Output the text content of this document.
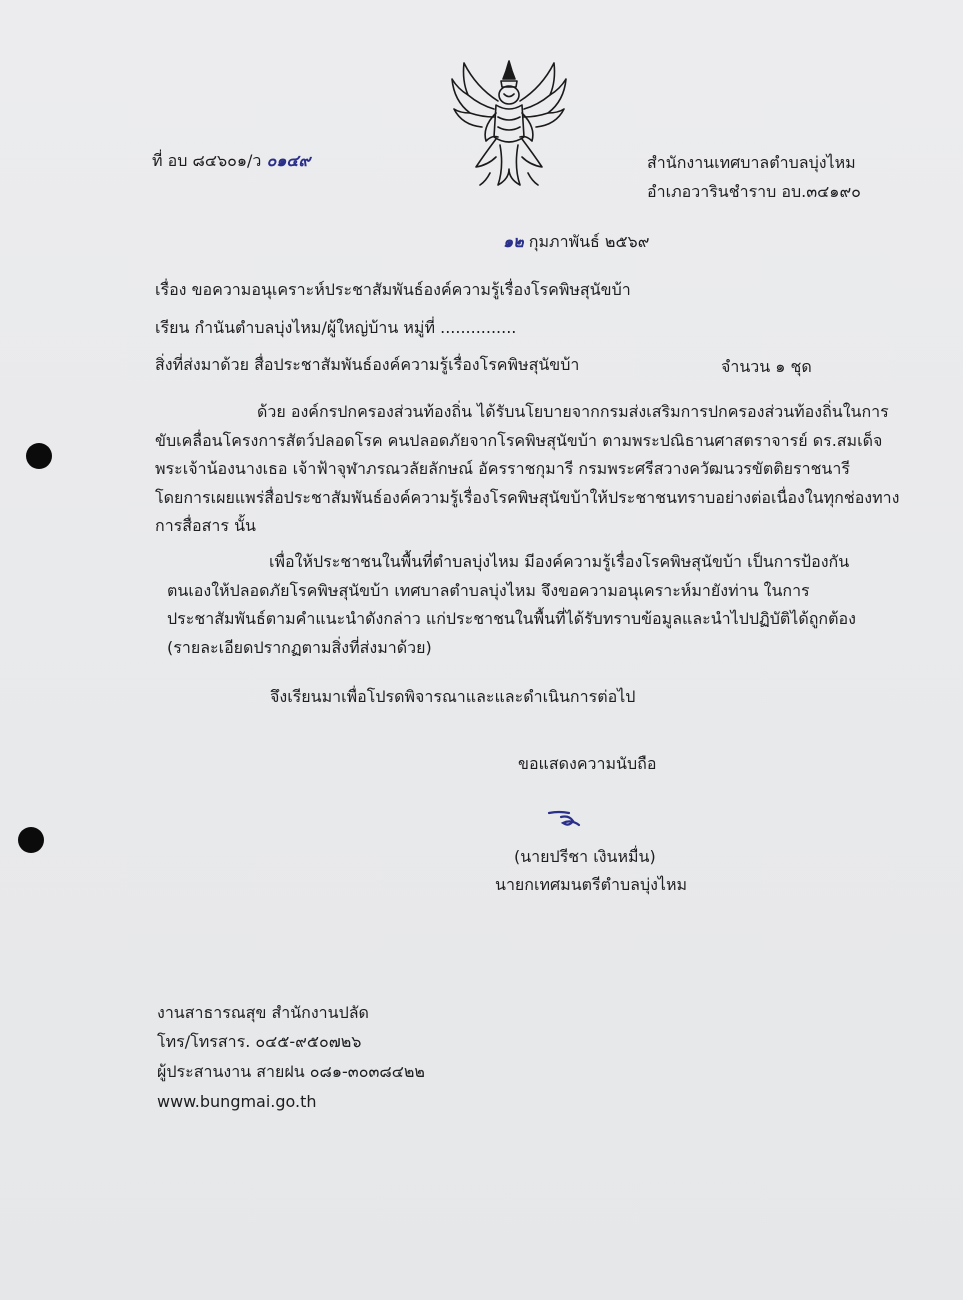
ที่ อบ ๘๔๖๐๑/ว ๐๑๔๙	สำนักงานเทศบาลตำบลบุ่งไหม
อำเภอวารินชำราบ อบ.๓๔๑๙๐
๑๒ กุมภาพันธ์ ๒๕๖๙
เรื่อง ขอความอนุเคราะห์ประชาสัมพันธ์องค์ความรู้เรื่องโรคพิษสุนัขบ้า
เรียน กำนันตำบลบุ่งไหม/ผู้ใหญ่บ้าน หมู่ที่ ...............
สิ่งที่ส่งมาด้วย สื่อประชาสัมพันธ์องค์ความรู้เรื่องโรคพิษสุนัขบ้า	จำนวน ๑ ชุด
ด้วย องค์กรปกครองส่วนท้องถิ่น ได้รับนโยบายจากกรมส่งเสริมการปกครองส่วนท้องถิ่นในการ
ขับเคลื่อนโครงการสัตว์ปลอดโรค คนปลอดภัยจากโรคพิษสุนัขบ้า ตามพระปณิธานศาสตราจารย์ ดร.สมเด็จ
พระเจ้าน้องนางเธอ เจ้าฟ้าจุฬาภรณวลัยลักษณ์ อัครราชกุมารี กรมพระศรีสวางควัฒนวรขัตติยราชนารี
โดยการเผยแพร่สื่อประชาสัมพันธ์องค์ความรู้เรื่องโรคพิษสุนัขบ้าให้ประชาชนทราบอย่างต่อเนื่องในทุกช่องทาง
การสื่อสาร นั้น
เพื่อให้ประชาชนในพื้นที่ตำบลบุ่งไหม มีองค์ความรู้เรื่องโรคพิษสุนัขบ้า เป็นการป้องกัน
ตนเองให้ปลอดภัยโรคพิษสุนัขบ้า เทศบาลตำบลบุ่งไหม จึงขอความอนุเคราะห์มายังท่าน ในการ
ประชาสัมพันธ์ตามคำแนะนำดังกล่าว แก่ประชาชนในพื้นที่ได้รับทราบข้อมูลและนำไปปฏิบัติได้ถูกต้อง
(รายละเอียดปรากฏตามสิ่งที่ส่งมาด้วย)
จึงเรียนมาเพื่อโปรดพิจารณาและและดำเนินการต่อไป
ขอแสดงความนับถือ
(นายปรีชา เงินหมื่น)
นายกเทศมนตรีตำบลบุ่งไหม
งานสาธารณสุข สำนักงานปลัด
โทร/โทรสาร. ๐๔๕-๙๕๐๗๒๖
ผู้ประสานงาน สายฝน ๐๘๑-๓๐๓๘๔๒๒
www.bungmai.go.th
